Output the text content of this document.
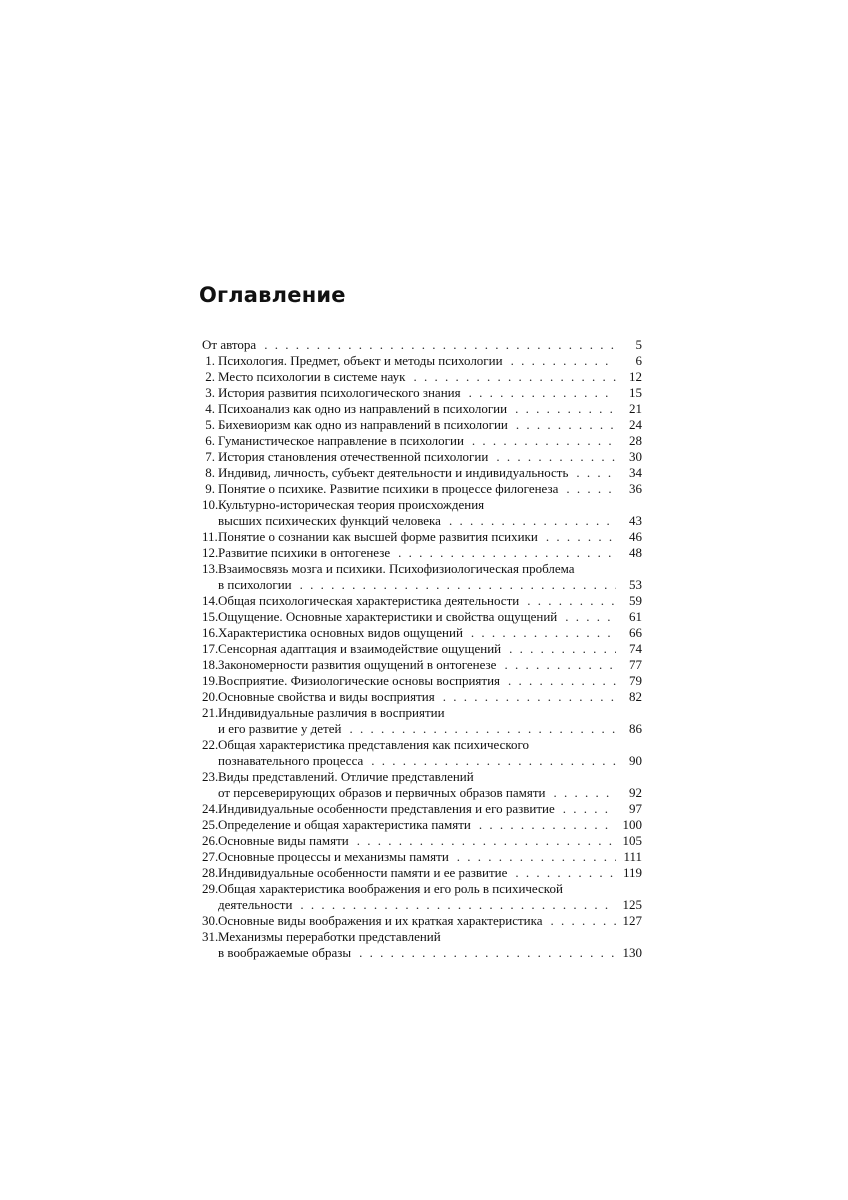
Оглавление
От автора . . .	5
1. Психология. Предмет, объект и методы психологии . . .	6
2. Место психологии в системе наук . . .	12
3. История развития психологического знания . . .	15
4. Психоанализ как одно из направлений в психологии . . .	21
5. Бихевиоризм как одно из направлений в психологии . . .	24
6. Гуманистическое направление в психологии . . .	28
7. История становления отечественной психологии . . .	30
8. Индивид, личность, субъект деятельности и индивидуальность . . .	34
9. Понятие о психике. Развитие психики в процессе филогенеза . . .	36
10. Культурно-историческая теория происхождения
высших психических функций человека . . .	43
11. Понятие о сознании как высшей форме развития психики . . .	46
12. Развитие психики в онтогенезе . . .	48
13. Взаимосвязь мозга и психики. Психофизиологическая проблема
в психологии . . .	53
14. Общая психологическая характеристика деятельности . . .	59
15. Ощущение. Основные характеристики и свойства ощущений . . .	61
16. Характеристика основных видов ощущений . . .	66
17. Сенсорная адаптация и взаимодействие ощущений . . .	74
18. Закономерности развития ощущений в онтогенезе . . .	77
19. Восприятие. Физиологические основы восприятия . . .	79
20. Основные свойства и виды восприятия . . .	82
21. Индивидуальные различия в восприятии
и его развитие у детей . . .	86
22. Общая характеристика представления как психического
познавательного процесса . . .	90
23. Виды представлений. Отличие представлений
от персеверирующих образов и первичных образов памяти . . .	92
24. Индивидуальные особенности представления и его развитие . . .	97
25. Определение и общая характеристика памяти . . .	100
26. Основные виды памяти . . .	105
27. Основные процессы и механизмы памяти . . .	111
28. Индивидуальные особенности памяти и ее развитие . . .	119
29. Общая характеристика воображения и его роль в психической
деятельности . . .	125
30. Основные виды воображения и их краткая характеристика . . .	127
31. Механизмы переработки представлений
в воображаемые образы . . .	130
